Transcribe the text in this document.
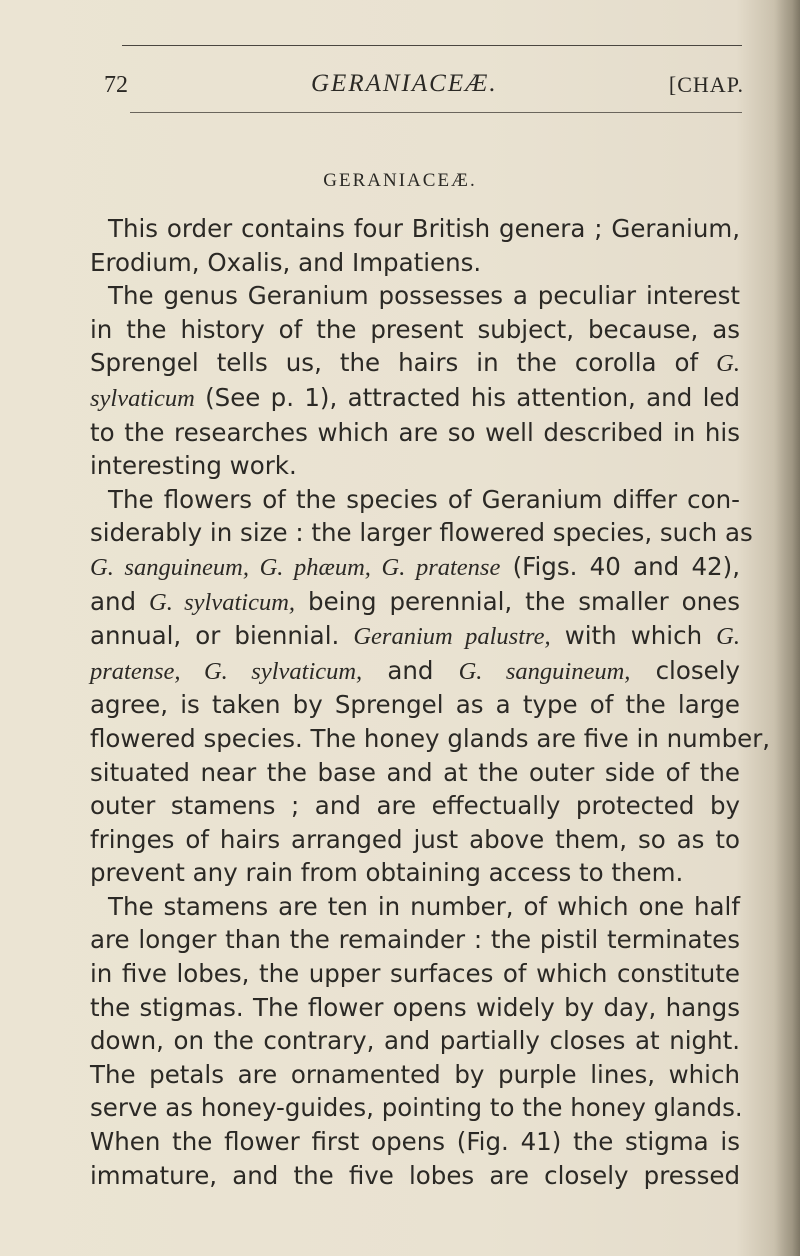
72	GERANIACEÆ.	[CHAP.
GERANIACEÆ.
This order contains four British genera ; Geranium,
Erodium, Oxalis, and Impatiens.
The genus Geranium possesses a peculiar interest
in the history of the present subject, because, as
Sprengel tells us, the hairs in the corolla of G.
sylvaticum (See p. 1), attracted his attention, and led
to the researches which are so well described in his
interesting work.
The flowers of the species of Geranium differ con-
siderably in size : the larger flowered species, such as
G. sanguineum, G. phæum, G. pratense (Figs. 40 and 42),
and G. sylvaticum, being perennial, the smaller ones
annual, or biennial. Geranium palustre, with which G.
pratense, G. sylvaticum, and G. sanguineum, closely
agree, is taken by Sprengel as a type of the large
flowered species. The honey glands are five in number,
situated near the base and at the outer side of the
outer stamens ; and are effectually protected by
fringes of hairs arranged just above them, so as to
prevent any rain from obtaining access to them.
The stamens are ten in number, of which one half
are longer than the remainder : the pistil terminates
in five lobes, the upper surfaces of which constitute
the stigmas. The flower opens widely by day, hangs
down, on the contrary, and partially closes at night.
The petals are ornamented by purple lines, which
serve as honey-guides, pointing to the honey glands.
When the flower first opens (Fig. 41) the stigma is
immature, and the five lobes are closely pressed
